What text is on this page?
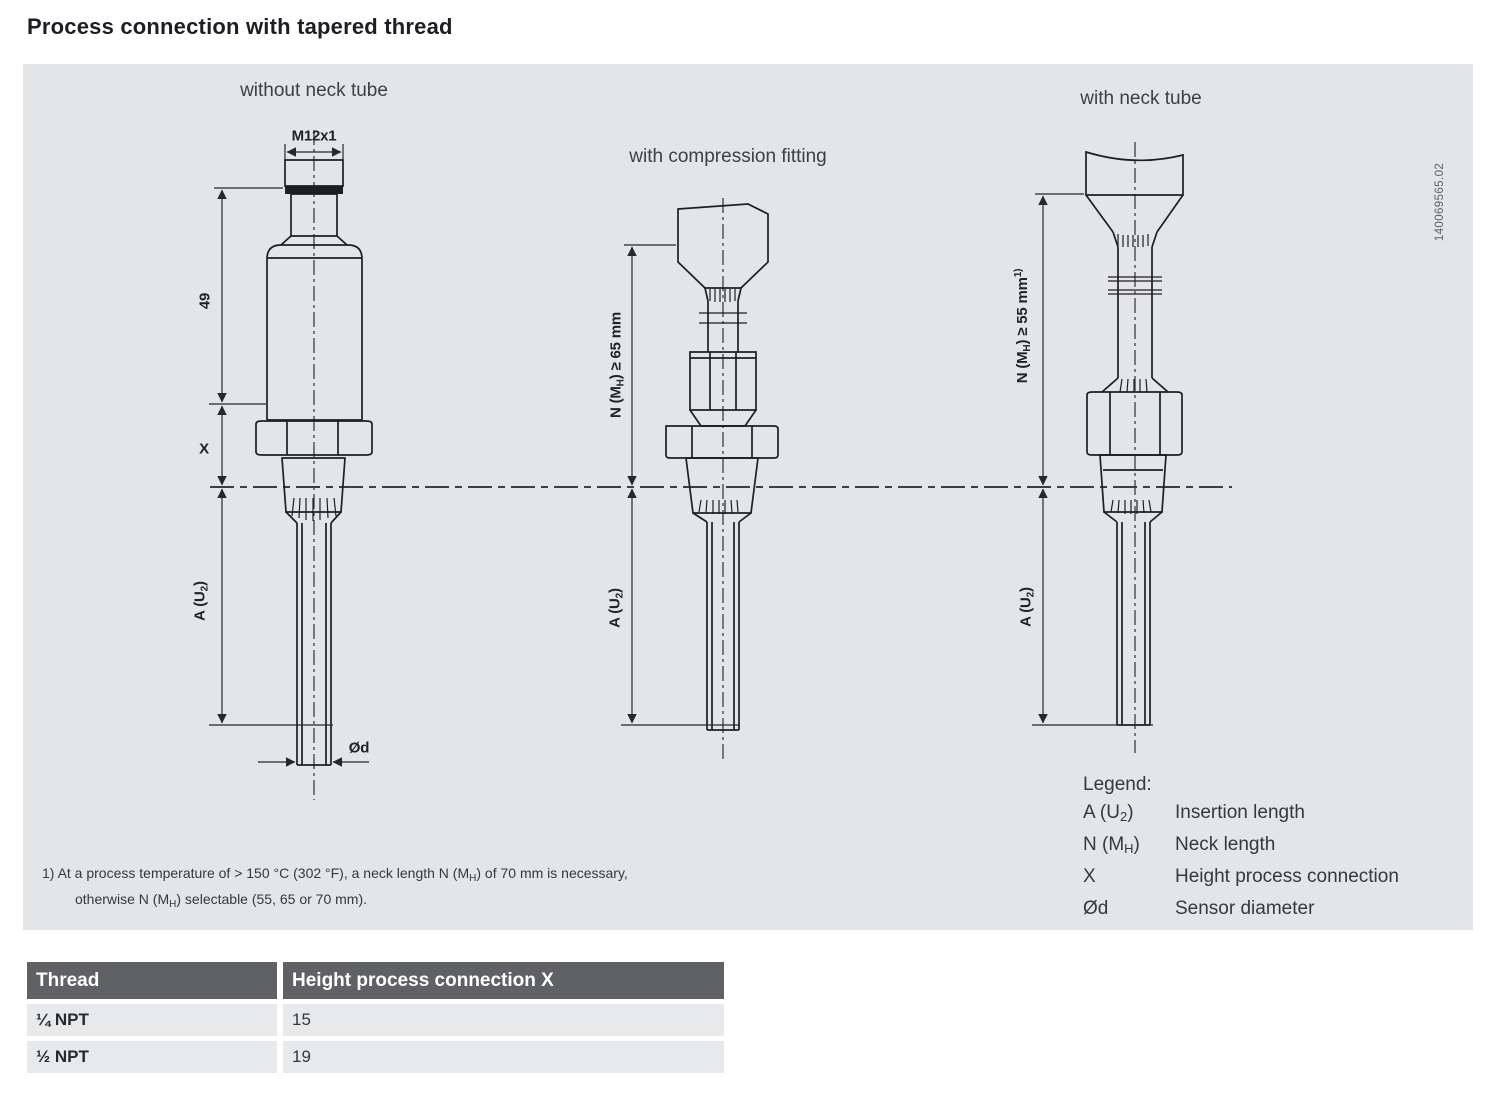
Process connection with tapered thread
without neck tube
with compression fitting
with neck tube
M12x1
49
X
A $(U_2)$
Ød
N $(M_H) \ge 65$ mm
A $(U_2)$
N $(M_H) \ge 55$ $mm^{1)}$
A $(U_2)$
140069565.02
Legend:
A $(U_2)$	Insertion length
N $(M_H)$	Neck length
X	Height process connection
Ød	Sensor diameter
1) At a process temperature of > 150 °C (302 °F), a neck length N $(M_H)$ of 70 mm is necessary,
otherwise N $(M_H)$ selectable (55, 65 or 70 mm).
Thread	Height process connection X
¼ NPT	15
½ NPT	19
